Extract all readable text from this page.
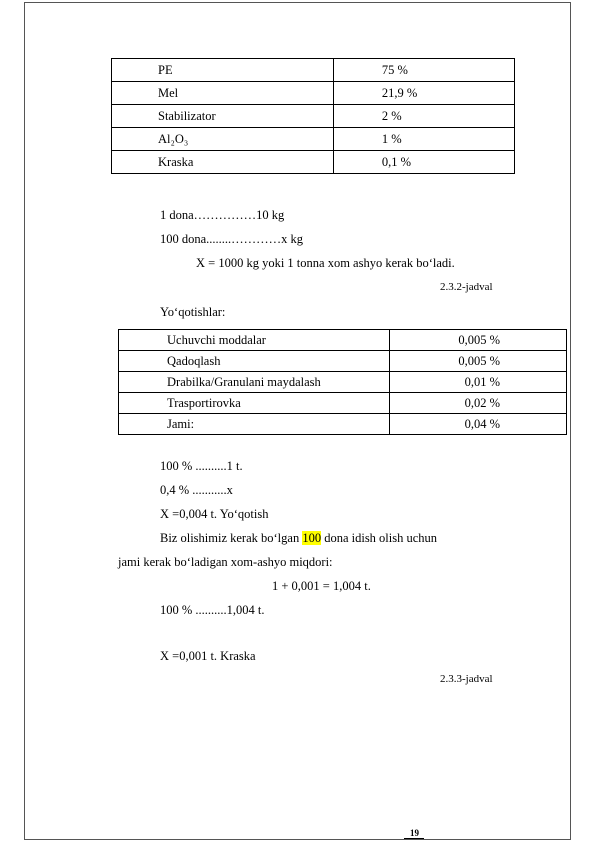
PE	75 %
Mel	21,9 %
Stabilizator	2 %
Al₂O₃	1 %
Kraska	0,1 %
1 dona……………10 kg
100 dona........…………x kg
X = 1000 kg yoki 1 tonna xom ashyo kerak bo‘ladi.
2.3.2-jadval
Yo‘qotishlar:
Uchuvchi moddalar	0,005 %
Qadoqlash	0,005 %
Drabilka/Granulani maydalash	0,01 %
Trasportirovka	0,02 %
Jami:	0,04 %
100 % ..........1 t.
0,4 % ...........x
X =0,004 t. Yo‘qotish
Biz olishimiz kerak bo‘lgan 100 dona idish olish uchun
jami kerak bo‘ladigan xom-ashyo miqdori:
1 + 0,001 = 1,004 t.
100 % ..........1,004 t.
X =0,001 t. Kraska
2.3.3-jadval
19
